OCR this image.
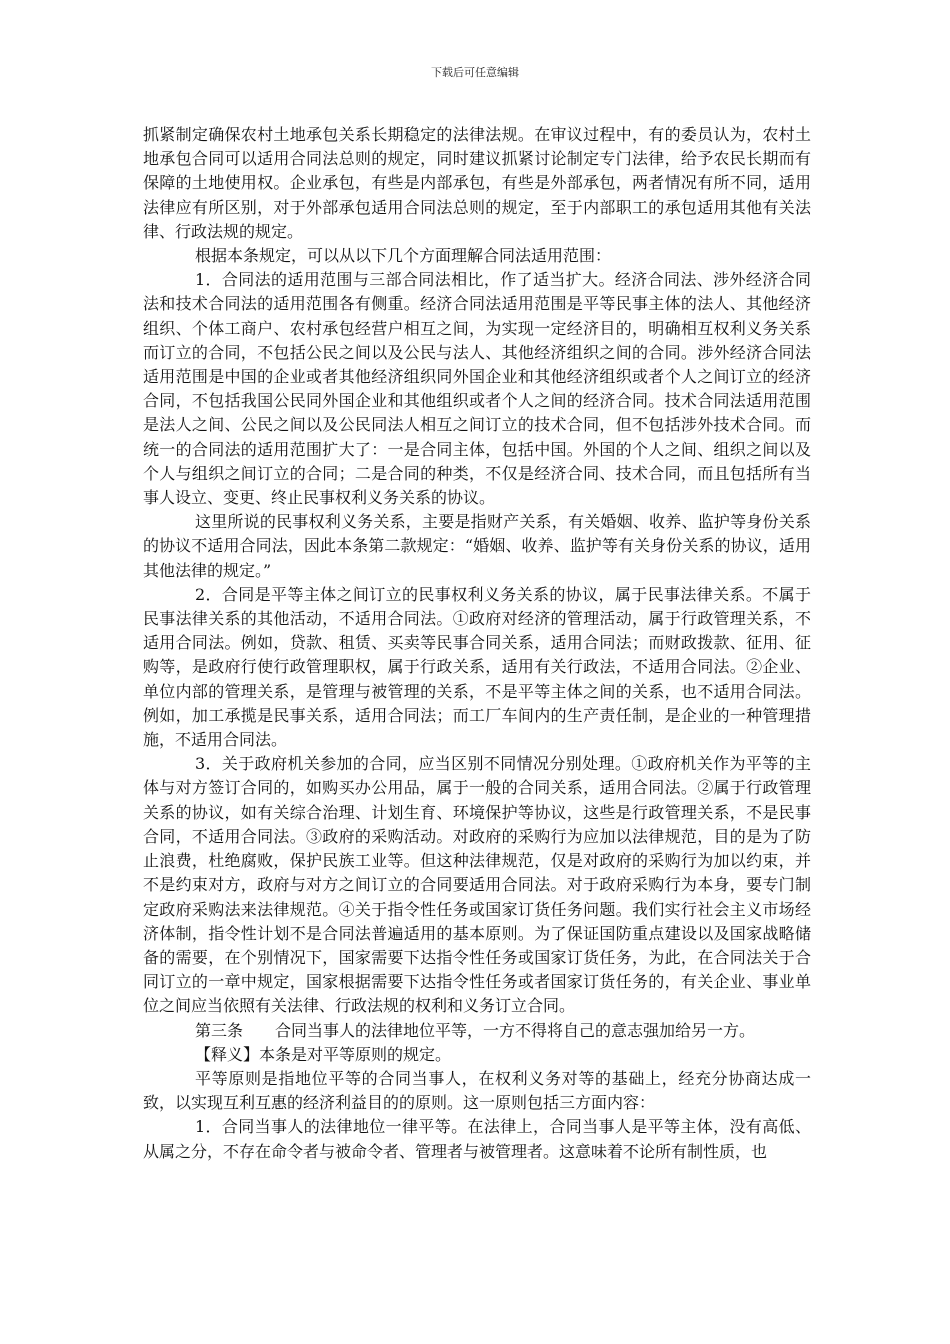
下载后可任意编辑

抓紧制定确保农村土地承包关系长期稳定的法律法规。在审议过程中，有的委员认为，农村土地承包合同可以适用合同法总则的规定，同时建议抓紧讨论制定专门法律，给予农民长期而有保障的土地使用权。企业承包，有些是内部承包，有些是外部承包，两者情况有所不同，适用法律应有所区别，对于外部承包适用合同法总则的规定，至于内部职工的承包适用其他有关法律、行政法规的规定。

根据本条规定，可以从以下几个方面理解合同法适用范围：

1．合同法的适用范围与三部合同法相比，作了适当扩大。经济合同法、涉外经济合同法和技术合同法的适用范围各有侧重。经济合同法适用范围是平等民事主体的法人、其他经济组织、个体工商户、农村承包经营户相互之间，为实现一定经济目的，明确相互权利义务关系而订立的合同，不包括公民之间以及公民与法人、其他经济组织之间的合同。涉外经济合同法适用范围是中国的企业或者其他经济组织同外国企业和其他经济组织或者个人之间订立的经济合同，不包括我国公民同外国企业和其他组织或者个人之间的经济合同。技术合同法适用范围是法人之间、公民之间以及公民同法人相互之间订立的技术合同，但不包括涉外技术合同。而统一的合同法的适用范围扩大了：一是合同主体，包括中国。外国的个人之间、组织之间以及个人与组织之间订立的合同；二是合同的种类，不仅是经济合同、技术合同，而且包括所有当事人设立、变更、终止民事权利义务关系的协议。

这里所说的民事权利义务关系，主要是指财产关系，有关婚姻、收养、监护等身份关系的协议不适用合同法，因此本条第二款规定：“婚姻、收养、监护等有关身份关系的协议，适用其他法律的规定。”

2．合同是平等主体之间订立的民事权利义务关系的协议，属于民事法律关系。不属于民事法律关系的其他活动，不适用合同法。①政府对经济的管理活动，属于行政管理关系，不适用合同法。例如，贷款、租赁、买卖等民事合同关系，适用合同法；而财政拨款、征用、征购等，是政府行使行政管理职权，属于行政关系，适用有关行政法，不适用合同法。②企业、单位内部的管理关系，是管理与被管理的关系，不是平等主体之间的关系，也不适用合同法。例如，加工承揽是民事关系，适用合同法；而工厂车间内的生产责任制，是企业的一种管理措施，不适用合同法。

3．关于政府机关参加的合同，应当区别不同情况分别处理。①政府机关作为平等的主体与对方签订合同的，如购买办公用品，属于一般的合同关系，适用合同法。②属于行政管理关系的协议，如有关综合治理、计划生育、环境保护等协议，这些是行政管理关系，不是民事合同，不适用合同法。③政府的采购活动。对政府的采购行为应加以法律规范，目的是为了防止浪费，杜绝腐败，保护民族工业等。但这种法律规范，仅是对政府的采购行为加以约束，并不是约束对方，政府与对方之间订立的合同要适用合同法。对于政府采购行为本身，要专门制定政府采购法来法律规范。④关于指令性任务或国家订货任务问题。我们实行社会主义市场经济体制，指令性计划不是合同法普遍适用的基本原则。为了保证国防重点建设以及国家战略储备的需要，在个别情况下，国家需要下达指令性任务或国家订货任务，为此，在合同法关于合同订立的一章中规定，国家根据需要下达指令性任务或者国家订货任务的，有关企业、事业单位之间应当依照有关法律、行政法规的权利和义务订立合同。

第三条　　合同当事人的法律地位平等，一方不得将自己的意志强加给另一方。

【释义】本条是对平等原则的规定。

平等原则是指地位平等的合同当事人，在权利义务对等的基础上，经充分协商达成一致，以实现互利互惠的经济利益目的的原则。这一原则包括三方面内容：

1．合同当事人的法律地位一律平等。在法律上，合同当事人是平等主体，没有高低、从属之分，不存在命令者与被命令者、管理者与被管理者。这意味着不论所有制性质，也
